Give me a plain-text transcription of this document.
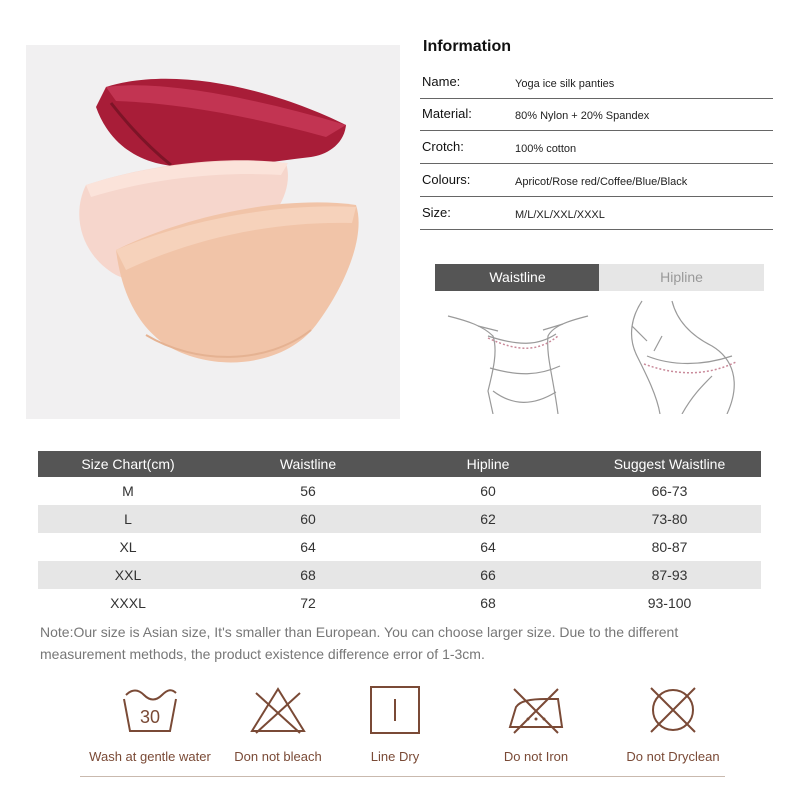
Information
Name:	Yoga ice silk panties
Material:	80% Nylon + 20% Spandex
Crotch:	100% cotton
Colours:	Apricot/Rose red/Coffee/Blue/Black
Size:	M/L/XL/XXL/XXXL
Waistline	Hipline
Size Chart(cm)	Waistline	Hipline	Suggest Waistline
M	56	60	66-73
L	60	62	73-80
XL	64	64	80-87
XXL	68	66	87-93
XXXL	72	68	93-100
Note:Our size is Asian size, It's smaller than European. You can choose larger size. Due to the different measurement methods, the product existence difference error of 1-3cm.
30
Wash at gentle water	Don not bleach	Line Dry	Do not Iron	Do not Dryclean
